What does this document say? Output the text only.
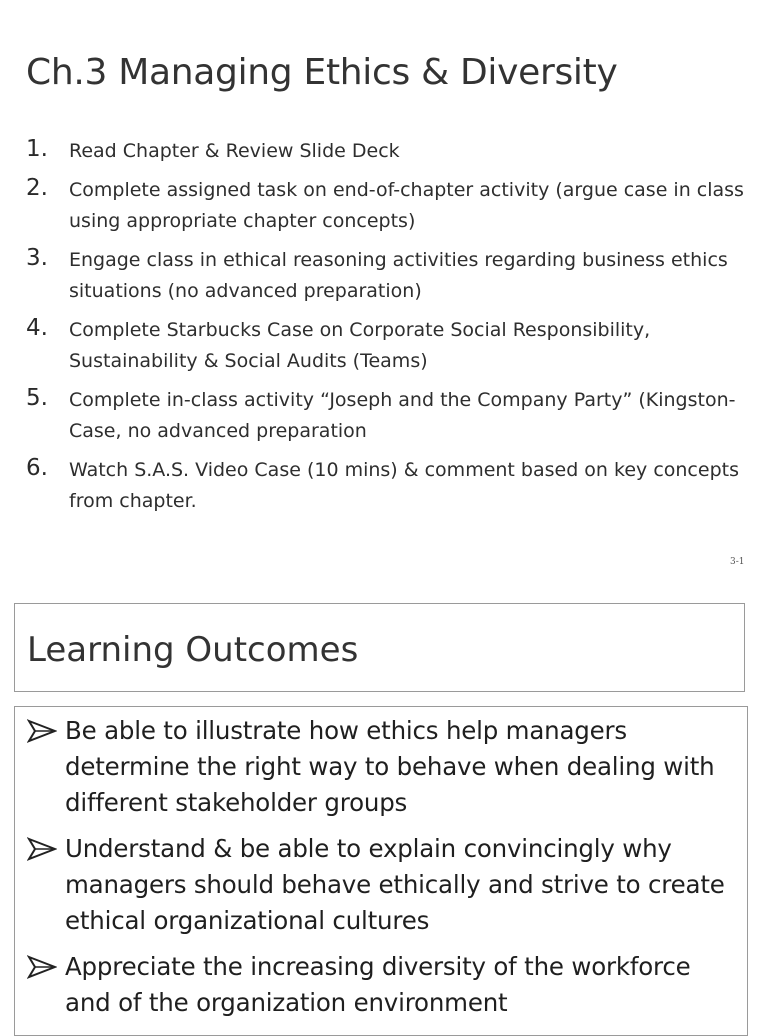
Ch.3 Managing Ethics & Diversity
1. Read Chapter & Review Slide Deck
2. Complete assigned task on end-of-chapter activity (argue case in class using appropriate chapter concepts)
3. Engage class in ethical reasoning activities regarding business ethics situations (no advanced preparation)
4. Complete Starbucks Case on Corporate Social Responsibility, Sustainability & Social Audits (Teams)
5. Complete in-class activity “Joseph and the Company Party” (Kingston-Case, no advanced preparation
6. Watch S.A.S. Video Case (10 mins) & comment based on key concepts from chapter.
3-1
Learning Outcomes
Be able to illustrate how ethics help managers determine the right way to behave when dealing with different stakeholder groups
Understand & be able to explain convincingly why managers should behave ethically and strive to create ethical organizational cultures
Appreciate the increasing diversity of the workforce and of the organization environment
